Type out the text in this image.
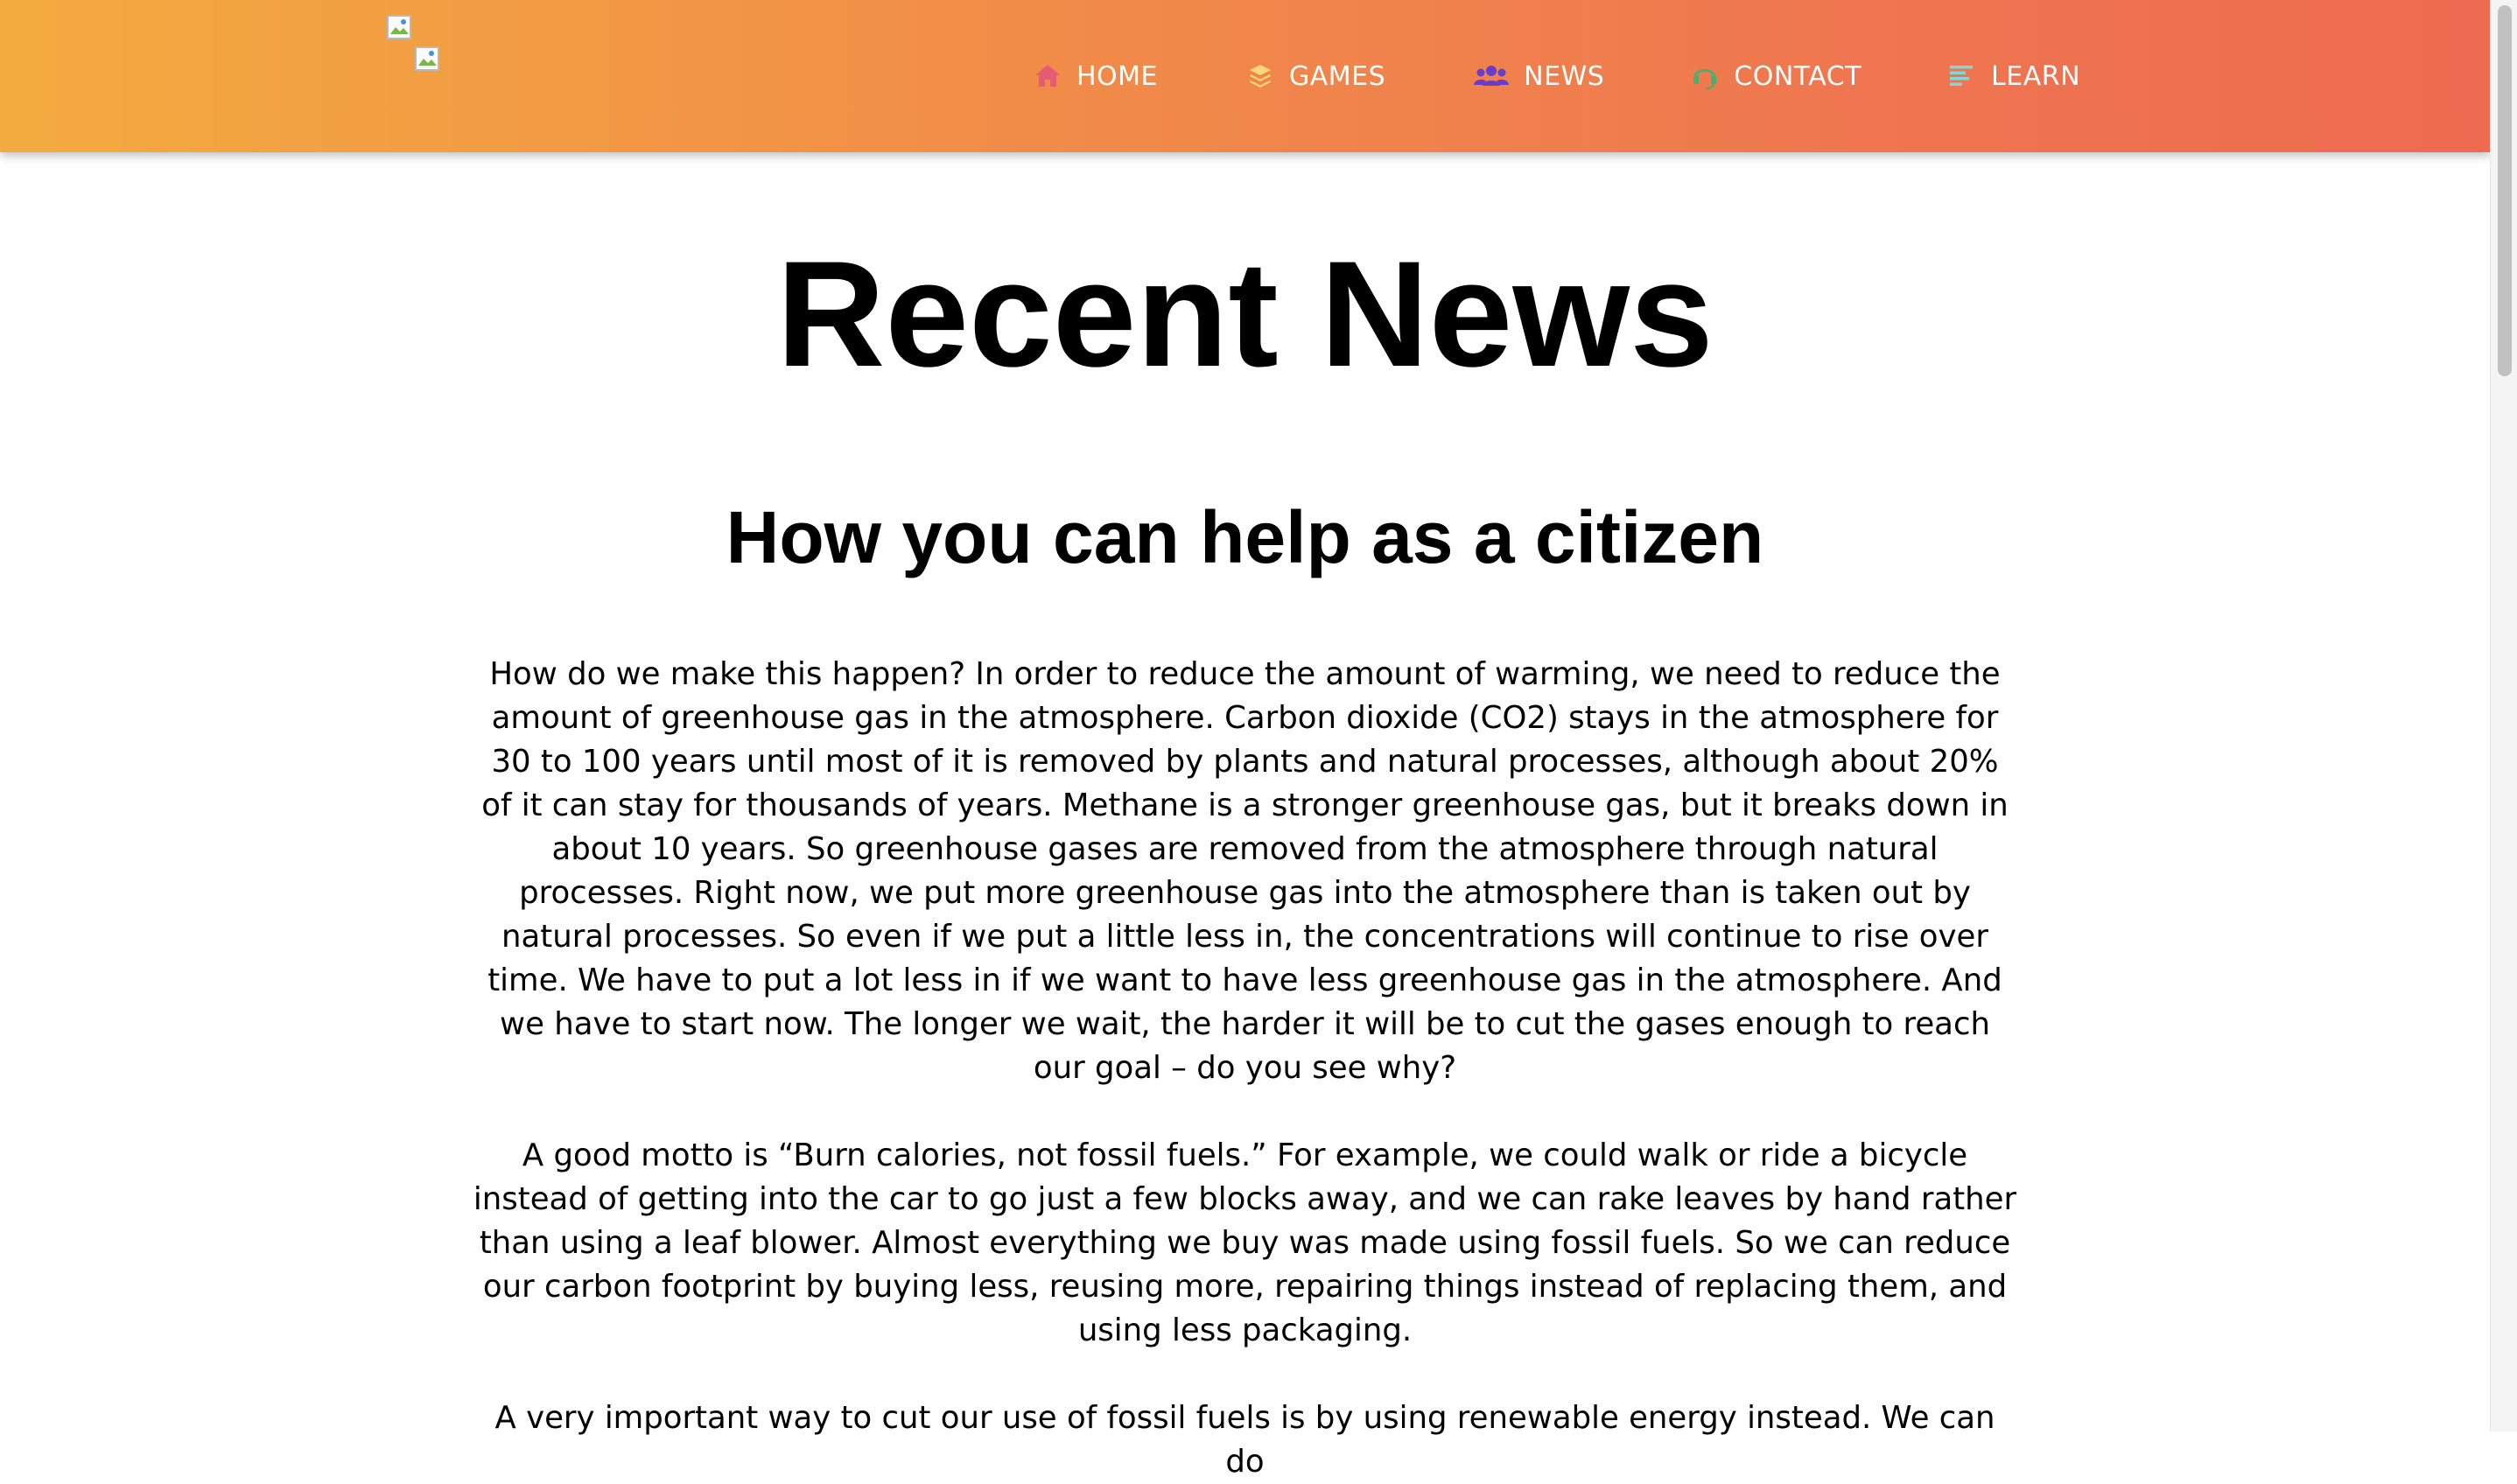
HOME	GAMES	NEWS	CONTACT	LEARN
Recent News
How you can help as a citizen

How do we make this happen? In order to reduce the amount of warming, we need to reduce the amount of greenhouse gas in the atmosphere. Carbon dioxide (CO2) stays in the atmosphere for 30 to 100 years until most of it is removed by plants and natural processes, although about 20% of it can stay for thousands of years. Methane is a stronger greenhouse gas, but it breaks down in about 10 years. So greenhouse gases are removed from the atmosphere through natural processes. Right now, we put more greenhouse gas into the atmosphere than is taken out by natural processes. So even if we put a little less in, the concentrations will continue to rise over time. We have to put a lot less in if we want to have less greenhouse gas in the atmosphere. And we have to start now. The longer we wait, the harder it will be to cut the gases enough to reach our goal – do you see why?

A good motto is “Burn calories, not fossil fuels.” For example, we could walk or ride a bicycle instead of getting into the car to go just a few blocks away, and we can rake leaves by hand rather than using a leaf blower. Almost everything we buy was made using fossil fuels. So we can reduce our carbon footprint by buying less, reusing more, repairing things instead of replacing them, and using less packaging.

A very important way to cut our use of fossil fuels is by using renewable energy instead. We can do
